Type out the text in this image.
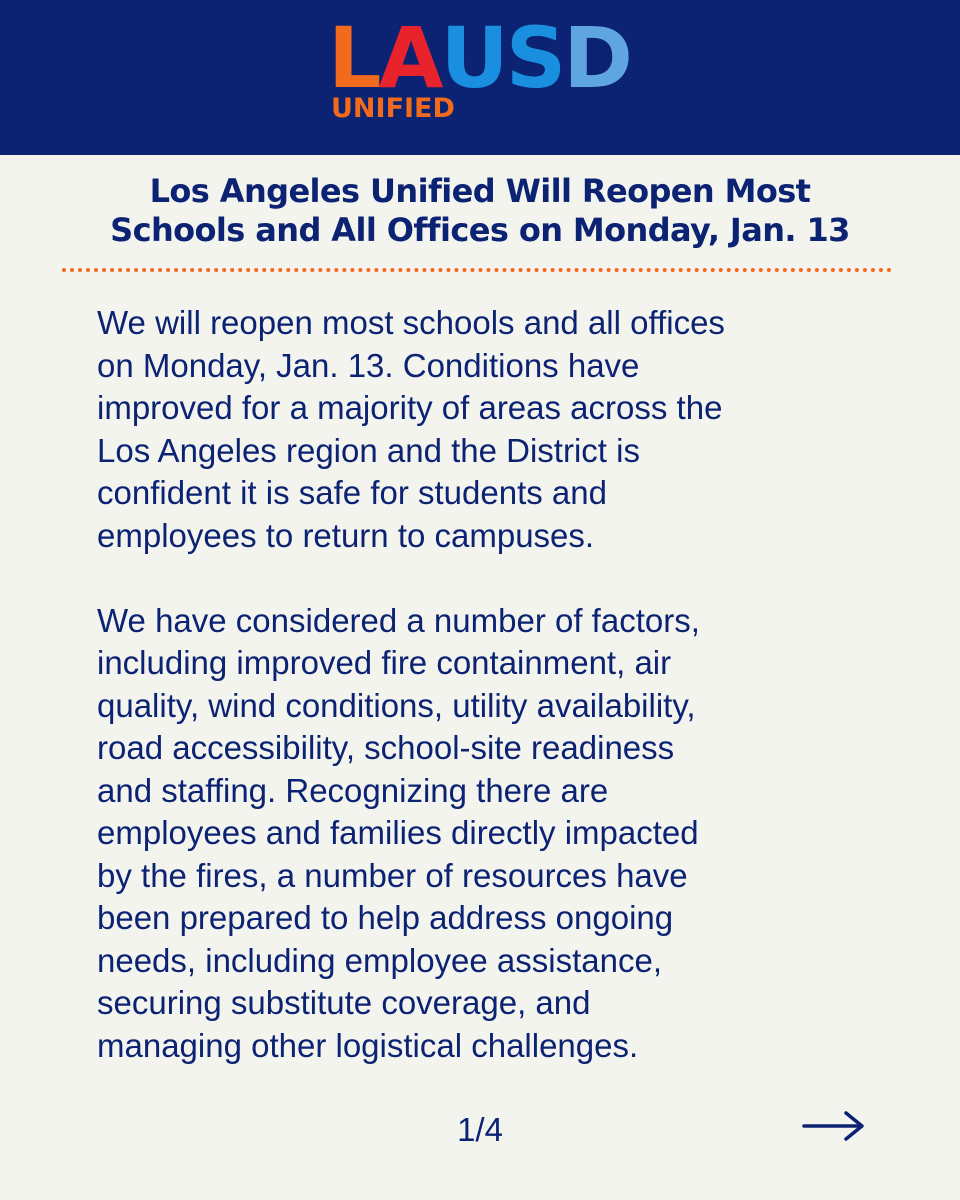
LAUSD
UNIFIED
Los Angeles Unified Will Reopen Most
Schools and All Offices on Monday, Jan. 13
We will reopen most schools and all offices
on Monday, Jan. 13. Conditions have
improved for a majority of areas across the
Los Angeles region and the District is
confident it is safe for students and
employees to return to campuses.
We have considered a number of factors,
including improved fire containment, air
quality, wind conditions, utility availability,
road accessibility, school-site readiness
and staffing. Recognizing there are
employees and families directly impacted
by the fires, a number of resources have
been prepared to help address ongoing
needs, including employee assistance,
securing substitute coverage, and
managing other logistical challenges.
1/4
